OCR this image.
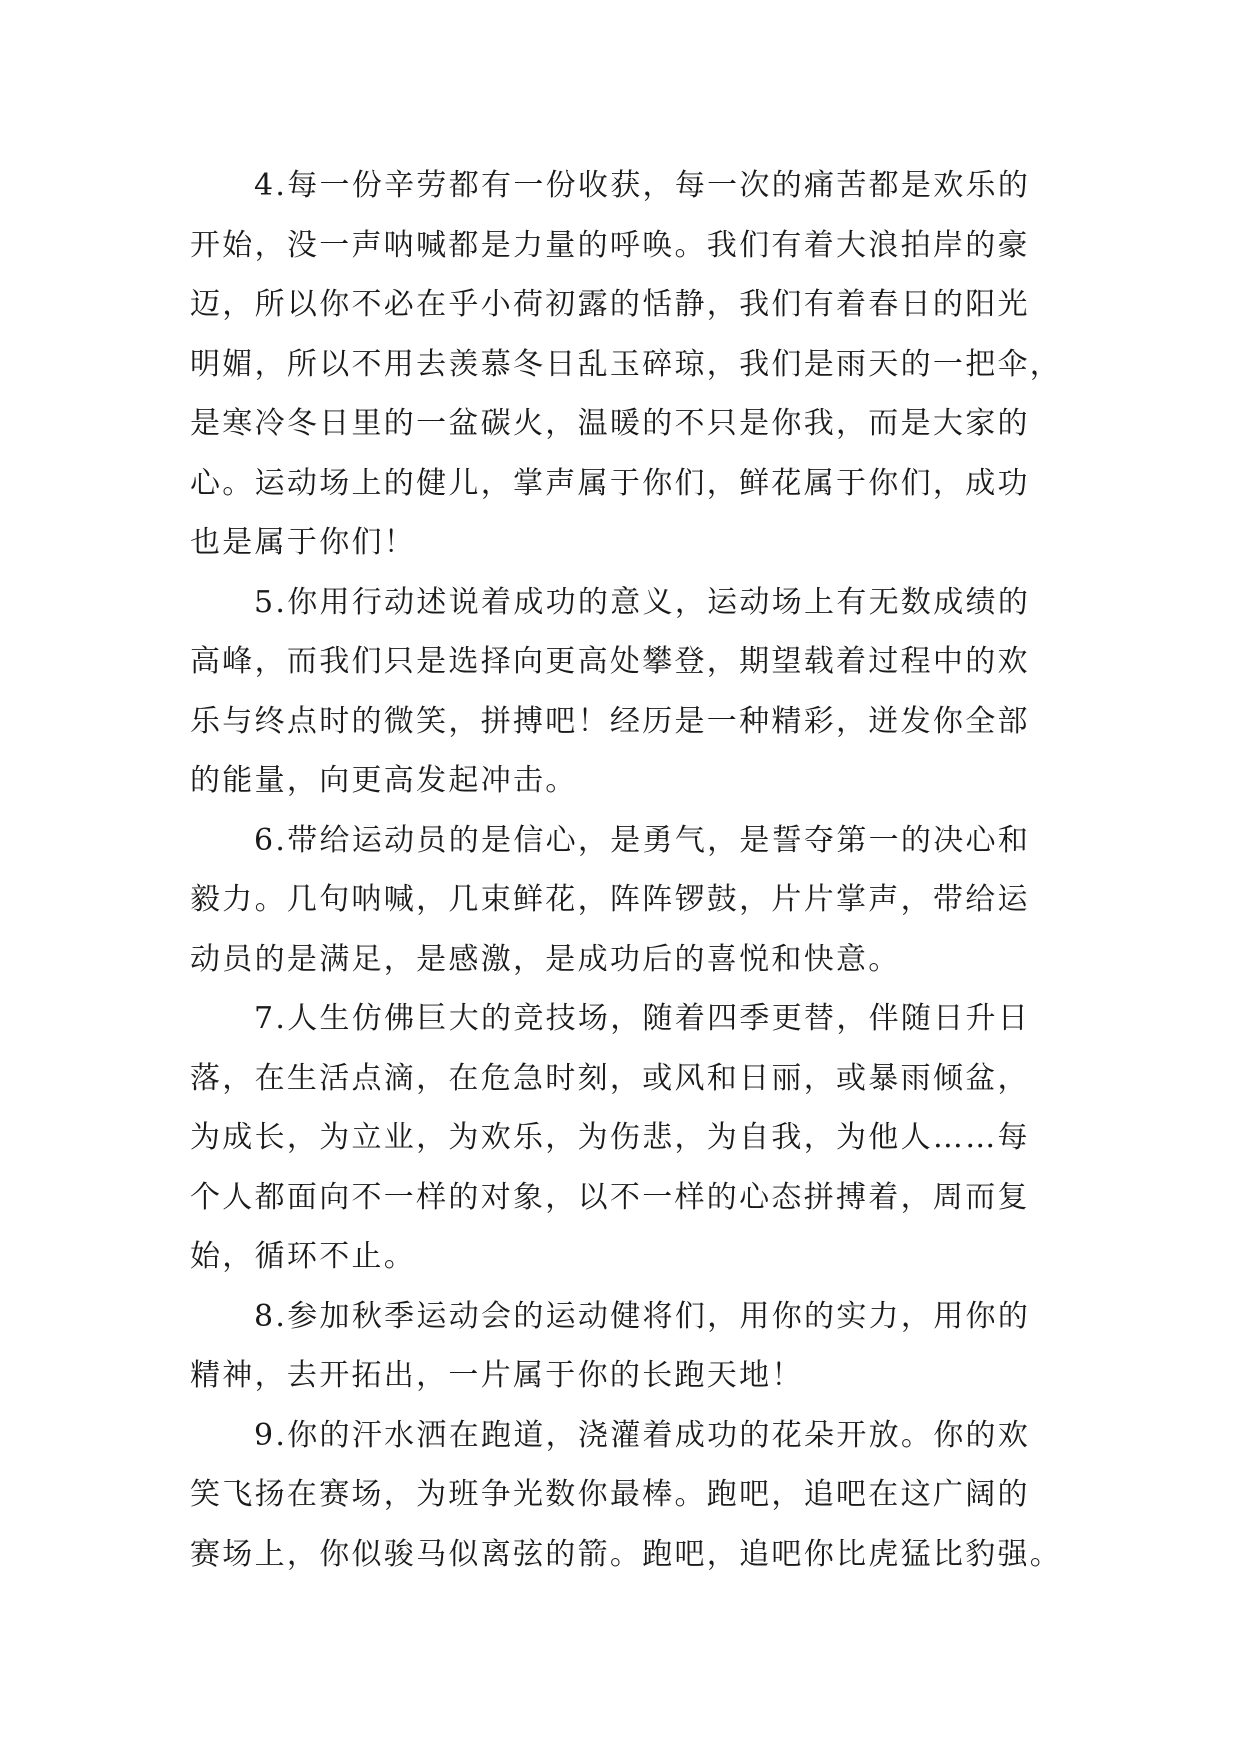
4.每一份辛劳都有一份收获，每一次的痛苦都是欢乐的
开始，没一声呐喊都是力量的呼唤。我们有着大浪拍岸的豪
迈，所以你不必在乎小荷初露的恬静，我们有着春日的阳光
明媚，所以不用去羡慕冬日乱玉碎琼，我们是雨天的一把伞，
是寒冷冬日里的一盆碳火，温暖的不只是你我，而是大家的
心。运动场上的健儿，掌声属于你们，鲜花属于你们，成功
也是属于你们！
5.你用行动述说着成功的意义，运动场上有无数成绩的
高峰，而我们只是选择向更高处攀登，期望载着过程中的欢
乐与终点时的微笑，拼搏吧！经历是一种精彩，迸发你全部
的能量，向更高发起冲击。
6.带给运动员的是信心，是勇气，是誓夺第一的决心和
毅力。几句呐喊，几束鲜花，阵阵锣鼓，片片掌声，带给运
动员的是满足，是感激，是成功后的喜悦和快意。
7.人生仿佛巨大的竞技场，随着四季更替，伴随日升日
落，在生活点滴，在危急时刻，或风和日丽，或暴雨倾盆，
为成长，为立业，为欢乐，为伤悲，为自我，为他人……每
个人都面向不一样的对象，以不一样的心态拼搏着，周而复
始，循环不止。
8.参加秋季运动会的运动健将们，用你的实力，用你的
精神，去开拓出，一片属于你的长跑天地！
9.你的汗水洒在跑道，浇灌着成功的花朵开放。你的欢
笑飞扬在赛场，为班争光数你最棒。跑吧，追吧在这广阔的
赛场上，你似骏马似离弦的箭。跑吧，追吧你比虎猛比豹强。
